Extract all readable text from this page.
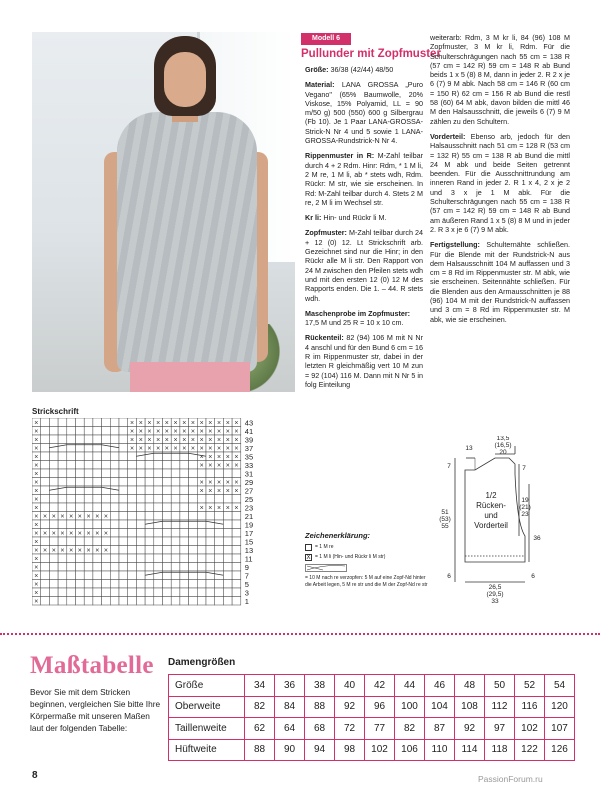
Modell 6
Pullunder mit Zopfmuster

Größe: 36/38 (42/44) 48/50

Material: LANA GROSSA „Puro Vegano" (65% Baumwolle, 20% Viskose, 15% Polyamid, LL = 90 m/50 g) 500 (550) 600 g Silbergrau (Fb 10). Je 1 Paar LANA-GROSSA-Strick-N Nr 4 und 5 sowie 1 LANA-GROSSA-Rundstrick-N Nr 4.

Rippenmuster in R: M-Zahl teilbar durch 4 + 2 Rdm. Hinr: Rdm, * 1 M li, 2 M re, 1 M li, ab * stets wdh, Rdm. Rückr: M str, wie sie erscheinen. In Rd: M-Zahl teilbar durch 4. Stets 2 M re, 2 M li im Wechsel str.

Kr li: Hin- und Rückr li M.

Zopfmuster: M-Zahl teilbar durch 24 + 12 (0) 12. Lt Strickschrift arb. Gezeichnet sind nur die Hinr; in den Rückr alle M li str. Den Rapport von 24 M zwischen den Pfeilen stets wdh und mit den ersten 12 (0) 12 M des Rapports enden. Die 1. – 44. R stets wdh.

Maschenprobe im Zopfmuster:
17,5 M und 25 R = 10 x 10 cm.

Rückenteil: 82 (94) 106 M mit N Nr 4 anschl und für den Bund 6 cm = 16 R im Rippenmuster str, dabei in der letzten R gleichmäßig vert 10 M zun = 92 (104) 116 M. Dann mit N Nr 5 in folg Einteilung

weiterarb: Rdm, 3 M kr li, 84 (96) 108 M Zopfmuster, 3 M kr li, Rdm. Für die Schulterschrägungen nach 55 cm = 138 R (57 cm = 142 R) 59 cm = 148 R ab Bund beids 1 x 5 (8) 8 M, dann in jeder 2. R 2 x je 6 (7) 9 M abk. Nach 58 cm = 146 R (60 cm = 150 R) 62 cm = 156 R ab Bund die restl 58 (60) 64 M abk, davon bilden die mittl 46 M den Halsausschnitt, die jeweils 6 (7) 9 M zählen zu den Schultern.

Vorderteil: Ebenso arb, jedoch für den Halsausschnitt nach 51 cm = 128 R (53 cm = 132 R) 55 cm = 138 R ab Bund die mittl 24 M abk und beide Seiten getrennt beenden. Für die Ausschnittrundung am inneren Rand in jeder 2. R 1 x 4, 2 x je 2 und 3 x je 1 M abk. Für die Schulterschrägungen nach 55 cm = 138 R (57 cm = 142 R) 59 cm = 148 R ab Bund am äußeren Rand 1 x 5 (8) 8 M und in jeder 2. R 3 x je 6 (7) 9 M abk.

Fertigstellung: Schulternähte schließen. Für die Blende mit der Rundstrick-N aus dem Halsausschnitt 104 M auffassen und 3 cm = 8 Rd im Rippenmuster str. M abk, wie sie erscheinen. Seitennähte schließen. Für die Blenden aus den Armausschnitten je 88 (96) 104 M mit der Rundstrick-N auffassen und 3 cm = 8 Rd im Rippenmuster str. M abk, wie sie erscheinen.

Strickschrift
×	× × × × × × × × × × × × ×
×	× × × × × × × × × × × × ×
×	× × × × × × × × × × × × ×
×	× × × × × × × × × × × × ×
×	× × × × ×
×	× × × × ×
×
×	× × × × ×
×	× × × × ×
×
×	× × × × ×
× × × × × × × × ×
×
× × × × × × × × ×
×
× × × × × × × × ×
×
×
×
×
×
×
43
41
39
37
35
33
31
29
27
25
23
21
19
17
15
13
11
9
7
5
3
1
Zeichenerklärung:
= 1 M re
X = 1 M li (Hin- und Rückr li M str)
= 10 M nach re verzopfen: 5 M auf eine Zopf-Nd hinter die Arbeit legen, 5 M re str und die M der Zopf-Nd re str
13
13,5
(16,5)
20
7	7
19
(21)
23
51
(53)
55
36
1/2
Rücken-
und
Vorderteil
6	6
26,5
(29,5)
33
Maßtabelle
Bevor Sie mit dem Stricken beginnen, vergleichen Sie bitte Ihre Körpermaße mit unseren Maßen laut der folgenden Tabelle:
Damengrößen
Größe	34	36	38	40	42	44	46	48	50	52	54
Oberweite	82	84	88	92	96	100	104	108	112	116	120
Taillenweite	62	64	68	72	77	82	87	92	97	102	107
Hüftweite	88	90	94	98	102	106	110	114	118	122	126
8	PassionForum.ru
